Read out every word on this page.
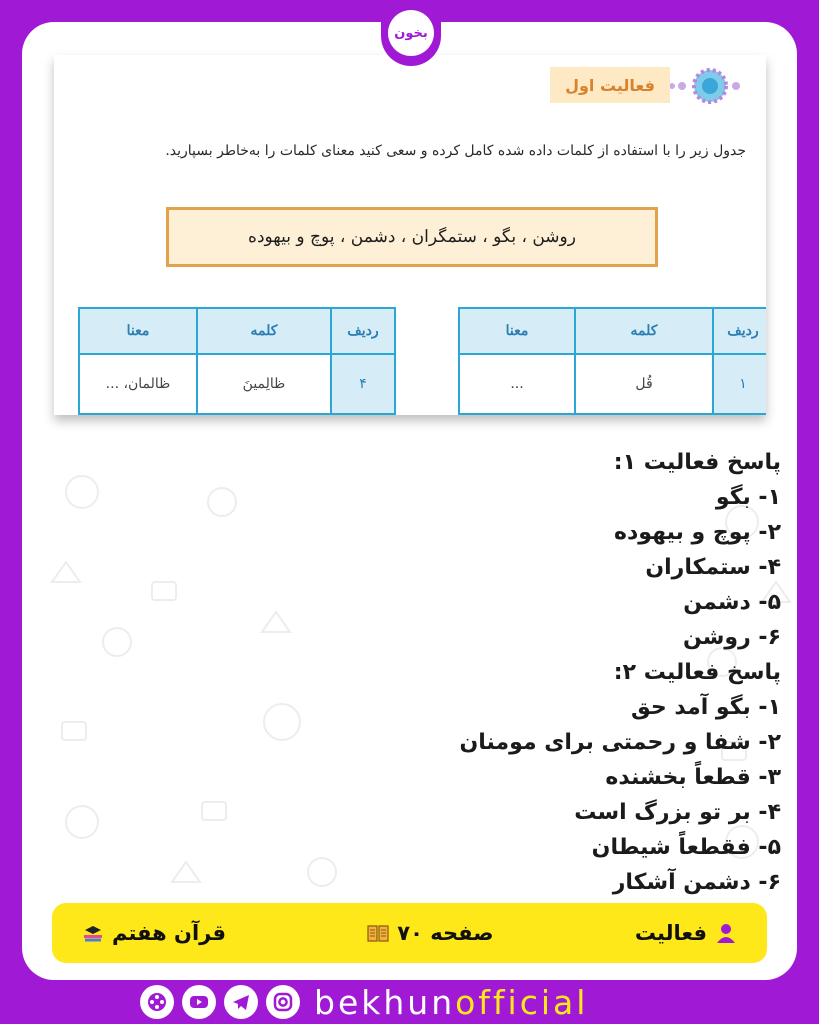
بخون
فعالیت اول
جدول زیر را با استفاده از کلمات داده شده کامل کرده و سعی کنید معنای کلمات را به‌خاطر بسپارید.
روشن ، بگو ، ستمگران ، دشمن ، پوچ و بیهوده
ردیف	کلمه	معنا
۱	قُل	...
ردیف	کلمه	معنا
۴	ظالِمینَ	ظالمان، ...
پاسخ فعالیت ۱:
۱- بگو
۲- پوچ و بیهوده
۴- ستمکاران
۵- دشمن
۶- روشن
پاسخ فعالیت ۲:
۱- بگو آمد حق
۲- شفا و رحمتی برای مومنان
۳- قطعاً بخشنده
۴- بر تو بزرگ است
۵- فقطعاً شیطان
۶- دشمن آشکار
فعالیت
صفحه ۷۰
قرآن هفتم
bekhunofficial
